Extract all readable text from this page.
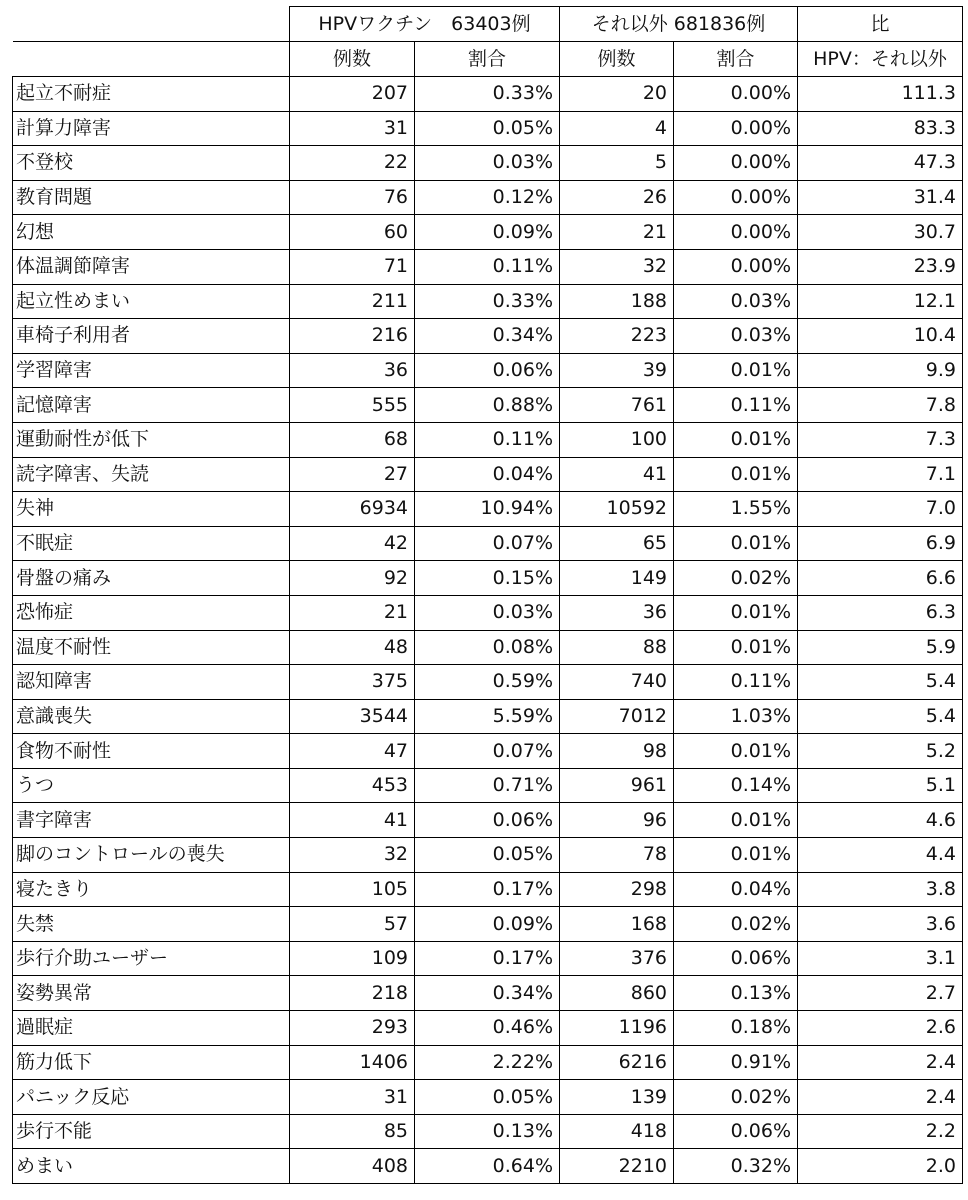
	HPVワクチン　63403例		それ以外 681836例		比
	例数	割合	例数	割合	HPV：それ以外
起立不耐症	207	0.33%	20	0.00%	111.3
計算力障害	31	0.05%	4	0.00%	83.3
不登校	22	0.03%	5	0.00%	47.3
教育問題	76	0.12%	26	0.00%	31.4
幻想	60	0.09%	21	0.00%	30.7
体温調節障害	71	0.11%	32	0.00%	23.9
起立性めまい	211	0.33%	188	0.03%	12.1
車椅子利用者	216	0.34%	223	0.03%	10.4
学習障害	36	0.06%	39	0.01%	9.9
記憶障害	555	0.88%	761	0.11%	7.8
運動耐性が低下	68	0.11%	100	0.01%	7.3
読字障害、失読	27	0.04%	41	0.01%	7.1
失神	6934	10.94%	10592	1.55%	7.0
不眠症	42	0.07%	65	0.01%	6.9
骨盤の痛み	92	0.15%	149	0.02%	6.6
恐怖症	21	0.03%	36	0.01%	6.3
温度不耐性	48	0.08%	88	0.01%	5.9
認知障害	375	0.59%	740	0.11%	5.4
意識喪失	3544	5.59%	7012	1.03%	5.4
食物不耐性	47	0.07%	98	0.01%	5.2
うつ	453	0.71%	961	0.14%	5.1
書字障害	41	0.06%	96	0.01%	4.6
脚のコントロールの喪失	32	0.05%	78	0.01%	4.4
寝たきり	105	0.17%	298	0.04%	3.8
失禁	57	0.09%	168	0.02%	3.6
歩行介助ユーザー	109	0.17%	376	0.06%	3.1
姿勢異常	218	0.34%	860	0.13%	2.7
過眠症	293	0.46%	1196	0.18%	2.6
筋力低下	1406	2.22%	6216	0.91%	2.4
パニック反応	31	0.05%	139	0.02%	2.4
歩行不能	85	0.13%	418	0.06%	2.2
めまい	408	0.64%	2210	0.32%	2.0
